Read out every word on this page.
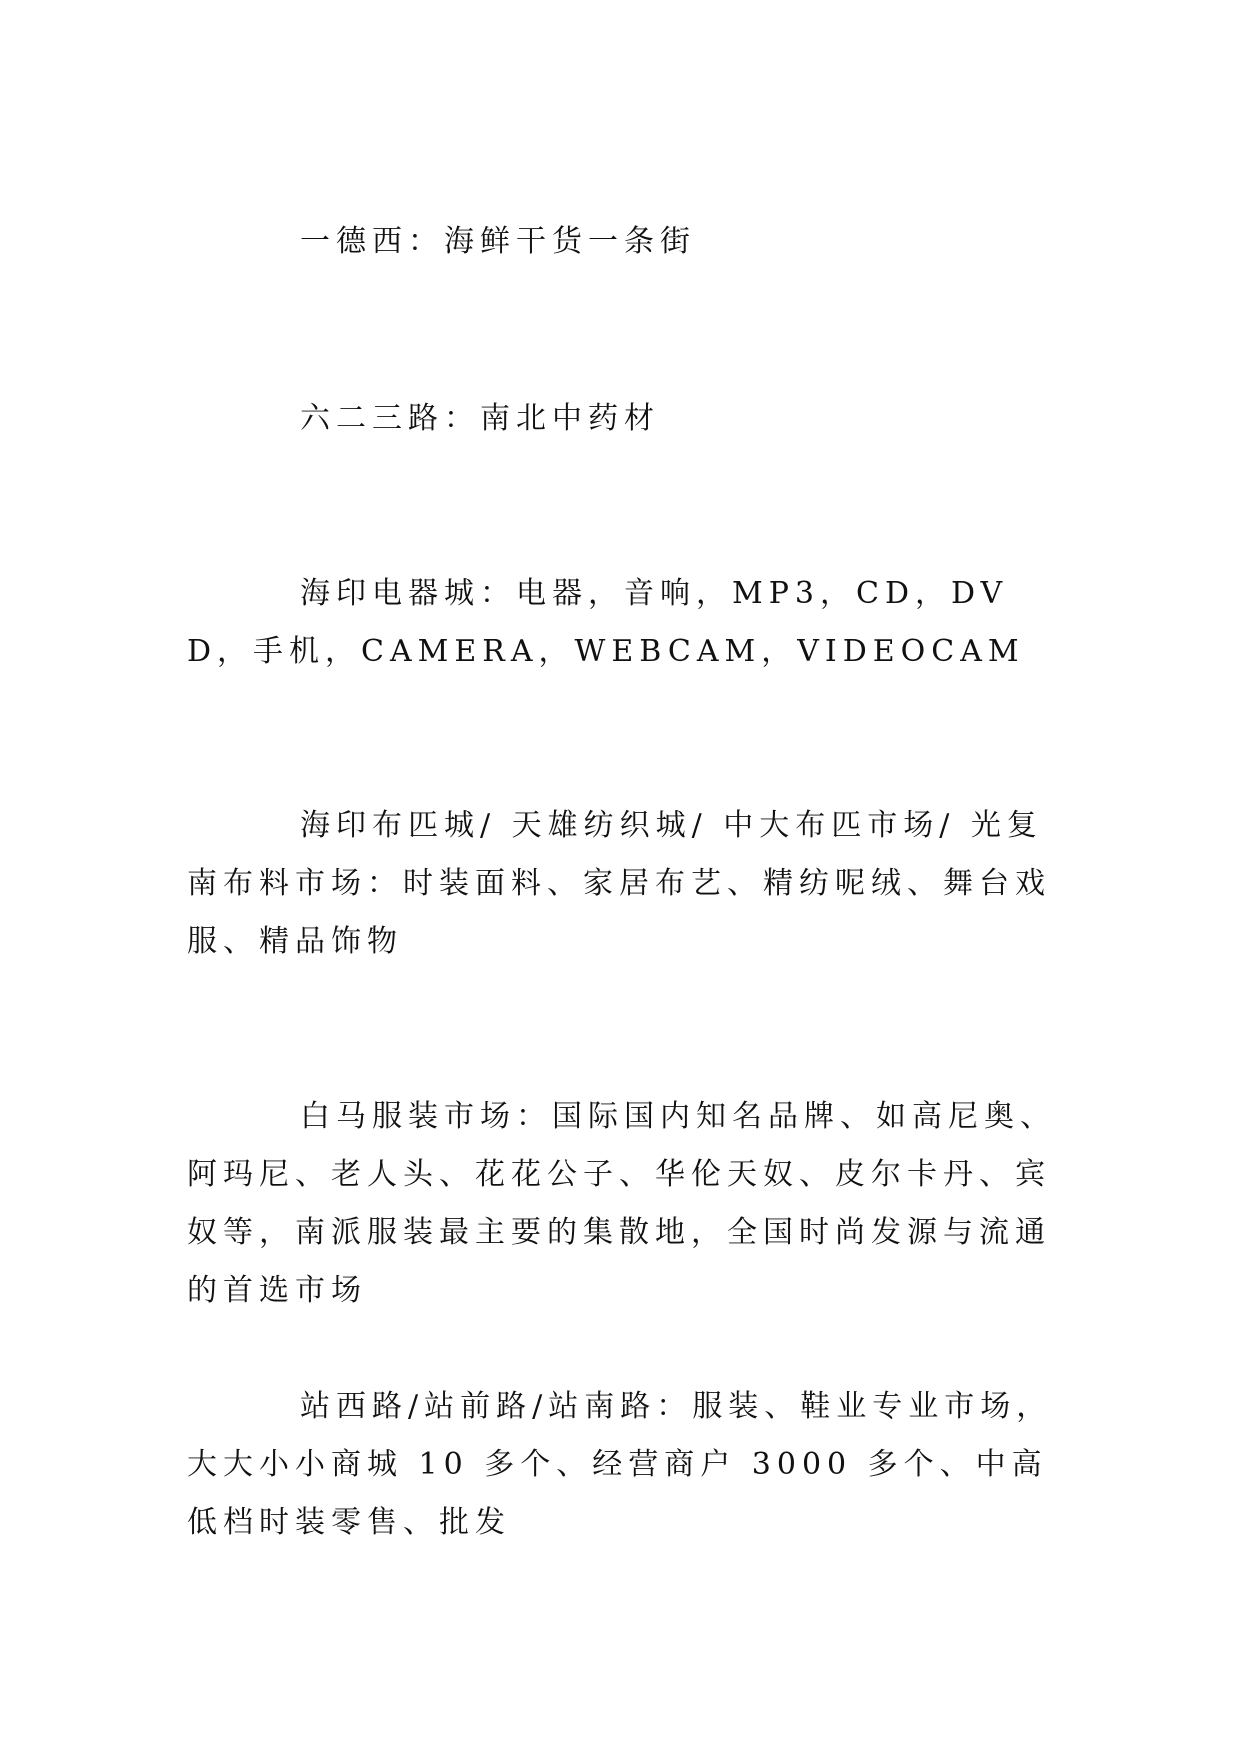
一德西：海鲜干货一条街

六二三路：南北中药材

海印电器城：电器，音响，MP3，CD，DVD，手机，CAMERA，WEBCAM，VIDEOCAM

海印布匹城/ 天雄纺织城/ 中大布匹市场/ 光复南布料市场：时装面料、家居布艺、精纺呢绒、舞台戏服、精品饰物

白马服装市场：国际国内知名品牌、如高尼奥、阿玛尼、老人头、花花公子、华伦天奴、皮尔卡丹、宾奴等，南派服装最主要的集散地，全国时尚发源与流通的首选市场

站西路/站前路/站南路：服装、鞋业专业市场，大大小小商城 10 多个、经营商户 3000 多个、中高低档时装零售、批发
